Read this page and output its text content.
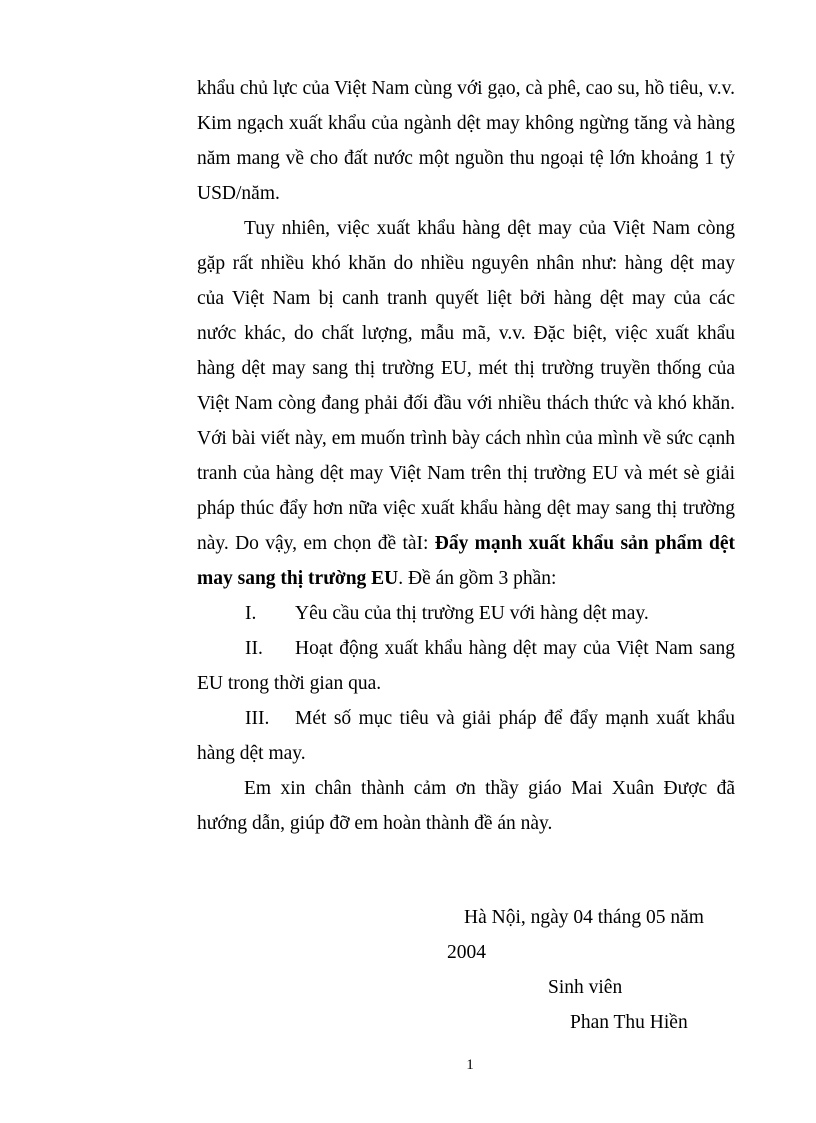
khẩu chủ lực của Việt Nam cùng với gạo, cà phê, cao su, hồ tiêu, v.v. Kim ngạch xuất khẩu của ngành dệt may không ngừng tăng và hàng năm mang về cho đất nước một nguồn thu ngoại tệ lớn khoảng 1 tỷ USD/năm.

Tuy nhiên, việc xuất khẩu hàng dệt may của Việt Nam còng gặp rất nhiều khó khăn do nhiều nguyên nhân như: hàng dệt may của Việt Nam bị canh tranh quyết liệt bởi hàng dệt may của các nước khác, do chất lượng, mẫu mã, v.v. Đặc biệt, việc xuất khẩu hàng dệt may sang thị trường EU, mét thị trường truyền thống của Việt Nam còng đang phải đối đầu với nhiều thách thức và khó khăn. Với bài viết này, em muốn trình bày cách nhìn của mình về sức cạnh tranh của hàng dệt may Việt Nam trên thị trường EU và mét sè giải pháp thúc đẩy hơn nữa việc xuất khẩu hàng dệt may sang thị trường này. Do vậy, em chọn đề tàI: Đẩy mạnh xuất khẩu sản phẩm dệt may sang thị trường EU. Đề án gồm 3 phần:

I. Yêu cầu của thị trường EU với hàng dệt may.

II. Hoạt động xuất khẩu hàng dệt may của Việt Nam sang EU trong thời gian qua.

III. Mét số mục tiêu và giải pháp để đẩy mạnh xuất khẩu hàng dệt may.

Em xin chân thành cảm ơn thầy giáo Mai Xuân Được đã hướng dẫn, giúp đỡ em hoàn thành đề án này.

Hà Nội, ngày 04 tháng 05 năm
2004
Sinh viên
Phan Thu Hiền
1
